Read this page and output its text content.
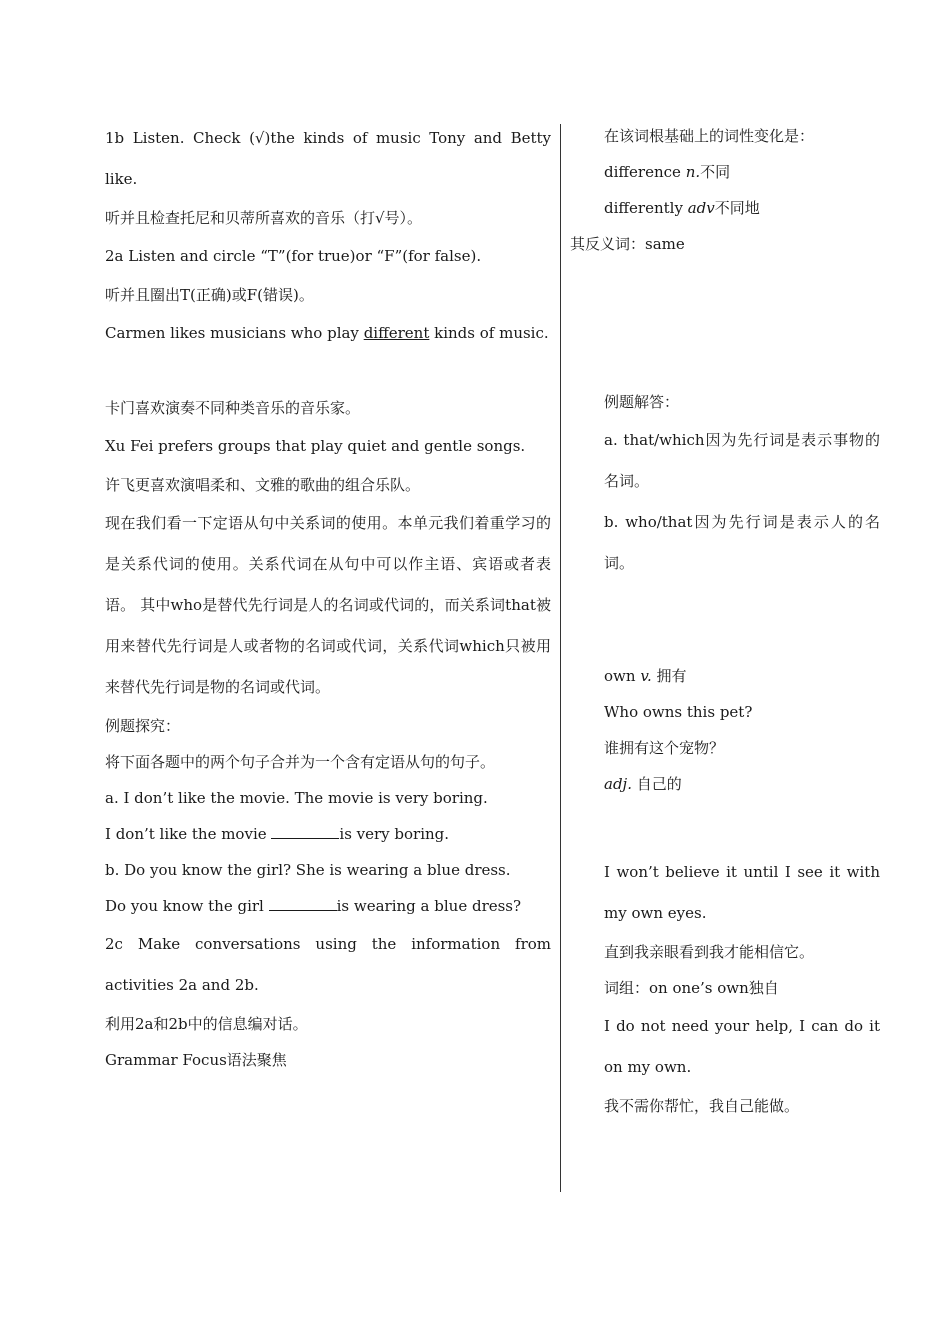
1b Listen. Check (√)the kinds of music Tony and Betty like.

听并且检查托尼和贝蒂所喜欢的音乐（打√号）。

2a Listen and circle “T”(for true)or “F”(for false).

听并且圈出T(正确)或F(错误)。

Carmen likes musicians who play different kinds of music.

卡门喜欢演奏不同种类音乐的音乐家。

Xu Fei prefers groups that play quiet and gentle songs.

许飞更喜欢演唱柔和、文雅的歌曲的组合乐队。

现在我们看一下定语从句中关系词的使用。本单元我们着重学习的是关系代词的使用。关系代词在从句中可以作主语、宾语或者表语。 其中who是替代先行词是人的名词或代词的，而关系词that被用来替代先行词是人或者物的名词或代词，关系代词which只被用来替代先行词是物的名词或代词。

例题探究：

将下面各题中的两个句子合并为一个含有定语从句的句子。

a. I don’t like the movie. The movie is very boring.

I don’t like the movie	is very boring.

b. Do you know the girl? She is wearing a blue dress.

Do you know the girl	is wearing a blue dress?

2c Make conversations using the information from activities 2a and 2b.

利用2a和2b中的信息编对话。

Grammar Focus语法聚焦

在该词根基础上的词性变化是：

difference n.不同

differently adv不同地

其反义词：same

例题解答：

a. that/which因为先行词是表示事物的名词。

b. who/that因为先行词是表示人的名词。

own v. 拥有

Who owns this pet?

谁拥有这个宠物？

adj. 自己的

I won’t believe it until I see it with my own eyes.

直到我亲眼看到我才能相信它。

词组：on one’s own独自

I do not need your help, I can do it on my own.

我不需你帮忙，我自己能做。
